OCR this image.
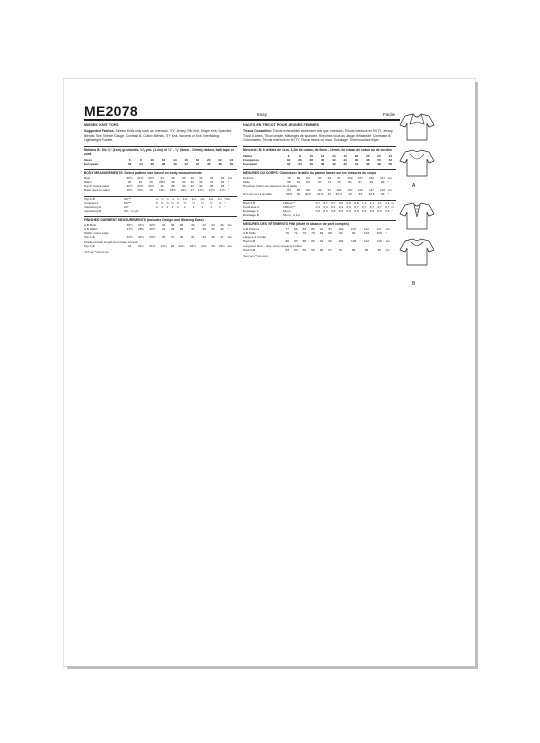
ME2078	Easy	Facile
MISSES' KNIT TOPS
Suggested Fabrics: Stretch Knits only such as: Interlock, ITY, Jersey, Rib Knit, Single Knit, Spandex Blends. See Stretch Gauge. Contrast B: Cotton Blends, ITY Knit, Wovens or Knit. Interfacing: Lightweight Fusible.
Notions B: Six ⅜" (1cm) grommets, 1⅞ yds. (1.2m) of ¼" - ⅜" (6mm - 10mm) ribbon, twill tape or cord.
Sizes	6	8	10	12	14	16	18	20	22	24	
European	32	34	36	38	40	42	44	46	48	50	
BODY MEASUREMENTS: Select pattern size based on body measurements
Bust	30½	31½	32½	34	36	38	40	42	44	46	Ins.
Waist	23	24	25	26½	28	30	32	34	37	39	"
Hip-9" below waist	32½	33½	34½	36	38	40	42	44	46	48	"
Back neck to waist	15½	15¾	16	16¼	16½	16¾	17	17¼	17½	17¾	"
Top A,B	60"**	⅞	⅞	⅞	⅞	⅞	1⅛	1⅛	1⅛	1⅛	1¼	Yds.
Contrast A	60"**	½	½	½	½	½	½	½	½	½	⅝	"
Interfacing A	20"	¾	1	1	1	1	1	1	1	1	1	"
Interfacing B	20" - ⅛ yd.											
FINISHED GARMENT MEASUREMENTS (Includes Design and Wearing Ease)
A,B Bust	30½	31½	32½	34	36	38	40	42	44	46	Ins.
A,B Waist	27½	28½	29½	31	33	35	37	39	41	43	"
Width, lower edge											
Top A,B	31½	32½	33½	35	37	39	41	43	45	47	Ins.
Finished back length from base of neck											
Top A,B	21	21¼	21½	21¾	22	22¼	22½	22¾	23	23¼	Ins.
*with nap **without nap
HAUTS EN TRICOT POUR JEUNES FEMMES
Tissus Conseillés: Tricots extensibles seulement tels que: Interlock, Tricots interlock en fil ITY, Jersey, Tricot à côtes, Tricot simple, Mélanges de spandex. Reportez-vous au Jauge d'élasticité. Contraste B: Cotonnades, Tricots interlock en fil ITY, Tissus tissés ou tricot. Entoilage: Thermocollant léger.
Mercerie: B: 6 œillets de 1cm, 1,2m de ruban, de 6mm - 10mm, de ruban de coton ou de cordon
Tailles	6	8	10	12	14	16	18	20	22	24	
Françaises	34	36	38	40	42	44	46	48	50	52	
Européen	32	34	36	38	40	42	44	46	48	50	
MESURES DU CORPS: Choisissez la taille du patron basée sur les mesures du corps
Poitrine	78	80	83	87	92	97	102	107	112	117	cm
Taille	58	61	64	67	71	76	81	87	94	99	"
Hanches (23cm au-dessous de la taille)											
	83	85	88	92	97	102	107	112	117	122	cm
Dos du cou à la taille	39,5	40	40,5	41,5	42	42,5	43	44	44,5	45	"
Haut A,B	150cm**	0,7	0,7	0,7	0,8	0,8	0,9	1,1	1,1	1,1	1,1	m
Contraste A	150cm**	0,4	0,4	0,4	0,4	0,6	0,7	0,7	0,7	0,7	0,7	m
Entoilage A	51cm	0,8	0,8	0,8	0,9	0,9	0,9	0,9	0,9	0,9	0,9	"
Entoilage B	51cm - 0,1m											
MESURES DES VÊTEMENTS FINI (Motif et aisance de port compris)
A,B Poitrine	77	80	83	86	91	97	102	107	112	117	cm
A,B Taille	70	72	75	79	84	89	94	99	104	109	"
Largeur à l'ourlet											
Haut A,B	80	83	85	89	94	99	104	109	114	119	cm
Longueur finie – dos, entre nuque à l'ourlet											
Haut A,B	53	54	55	55	56	57	57	58	58	59	cm
*avec sens **sans sens
A
B
